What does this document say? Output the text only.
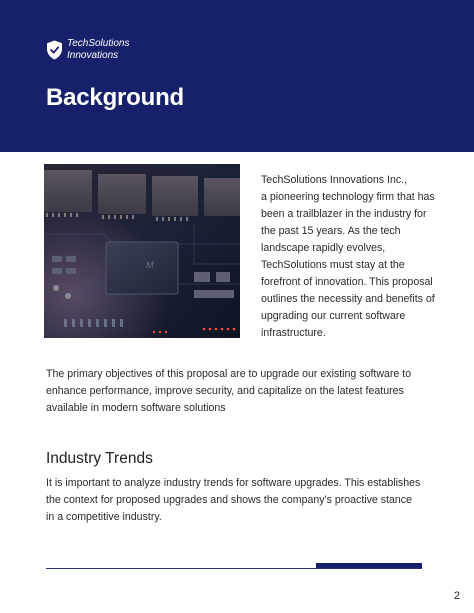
TechSolutions
Innovations
Background
M

TechSolutions Innovations Inc.,
a pioneering technology firm that has been a trailblazer in the industry for the past 15 years. As the tech landscape rapidly evolves, TechSolutions must stay at the forefront of innovation. This proposal outlines the necessity and benefits of upgrading our current software infrastructure.

The primary objectives of this proposal are to upgrade our existing software to enhance performance, improve security, and capitalize on the latest features available in modern software solutions

Industry Trends

It is important to analyze industry trends for software upgrades. This establishes the context for proposed upgrades and shows the company's proactive stance in a competitive industry.

2
